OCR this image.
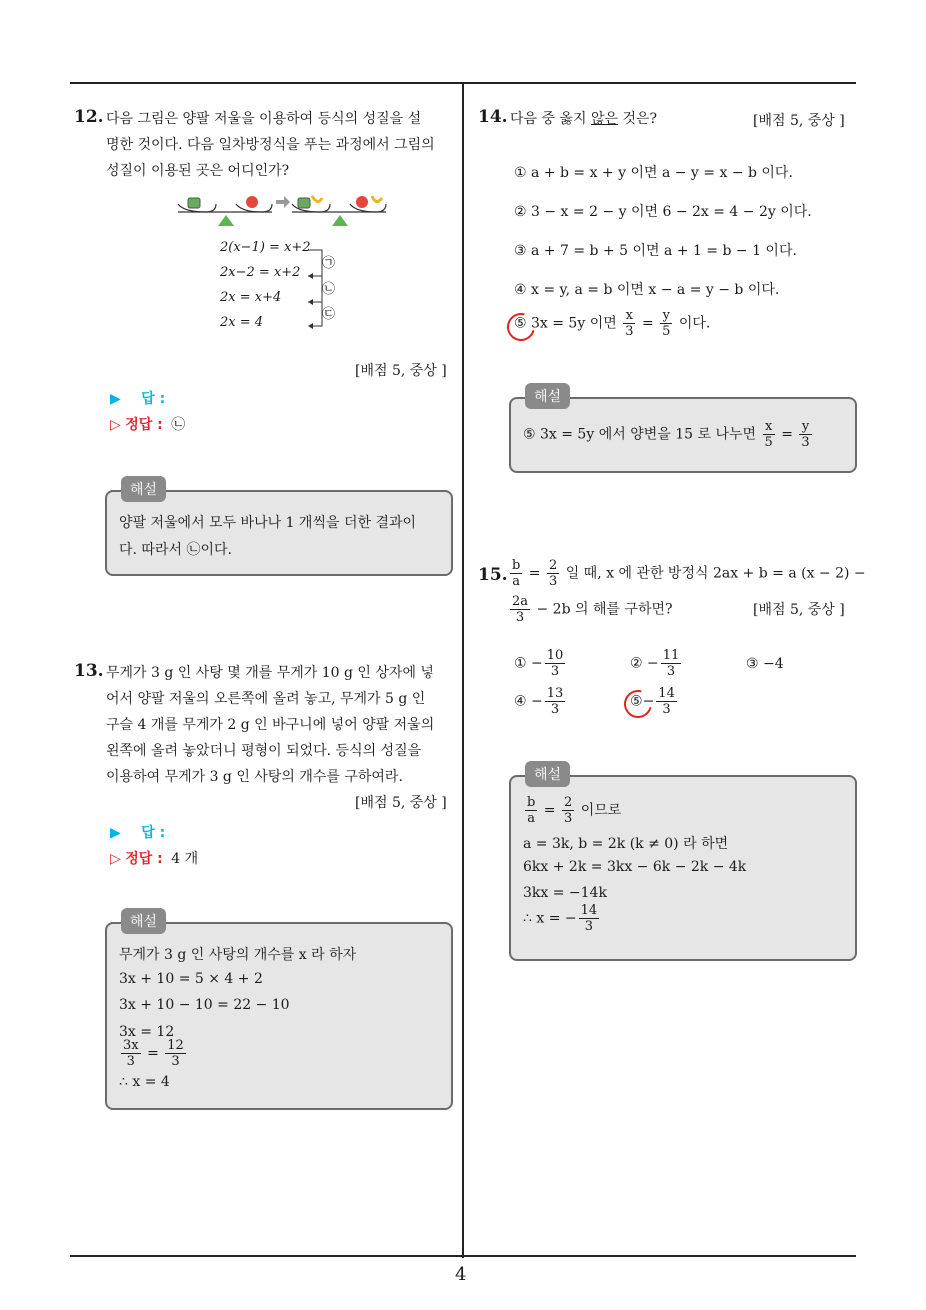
4
12. 다음 그림은 양팔 저울을 이용하여 등식의 성질을 설
명한 것이다. 다음 일차방정식을 푸는 과정에서 그림의
성질이 이용된 곳은 어디인가?
2(x−1) = x+2
2x−2 = x+2
2x = x+4
2x = 4
㉠
㉡
㉢
[배점 5, 중상 ]
▶ 답 :
▷ 정답 : ㉡
해설
양팔 저울에서 모두 바나나 1 개씩을 더한 결과이
다. 따라서 ㉡이다.
13. 무게가 3 g 인 사탕 몇 개를 무게가 10 g 인 상자에 넣
어서 양팔 저울의 오른쪽에 올려 놓고, 무게가 5 g 인
구슬 4 개를 무게가 2 g 인 바구니에 넣어 양팔 저울의
왼쪽에 올려 놓았더니 평형이 되었다. 등식의 성질을
이용하여 무게가 3 g 인 사탕의 개수를 구하여라.
[배점 5, 중상 ]
▶ 답 :
▷ 정답 : 4 개
해설
무게가 3 g 인 사탕의 개수를 x 라 하자
3x + 10 = 5 × 4 + 2
3x + 10 − 10 = 22 − 10
3x = 12
$\frac{3x}{3} = \frac{12}{3}$
∴ x = 4
14. 다음 중 옳지 않은 것은?	[배점 5, 중상 ]
① a + b = x + y 이면 a − y = x − b 이다.
② 3 − x = 2 − y 이면 6 − 2x = 4 − 2y 이다.
③ a + 7 = b + 5 이면 a + 1 = b − 1 이다.
④ x = y, a = b 이면 x − a = y − b 이다.
⑤ 3x = 5y 이면 $\frac{x}{3} = \frac{y}{5}$ 이다.
해설
⑤ 3x = 5y 에서 양변을 15 로 나누면 $\frac{x}{5} = \frac{y}{3}$
15. $\frac{b}{a} = \frac{2}{3}$ 일 때, x 에 관한 방정식 2ax + b = a (x − 2) −
$\frac{2a}{3} - 2b$ 의 해를 구하면?	[배점 5, 중상 ]
① − $\frac{10}{3}$	② − $\frac{11}{3}$	③ −4
④ − $\frac{13}{3}$	⑤− $\frac{14}{3}$
해설
$\frac{b}{a} = \frac{2}{3}$ 이므로
a = 3k, b = 2k (k ≠ 0) 라 하면
6kx + 2k = 3kx − 6k − 2k − 4k
3kx = −14k
∴ x = − $\frac{14}{3}$
